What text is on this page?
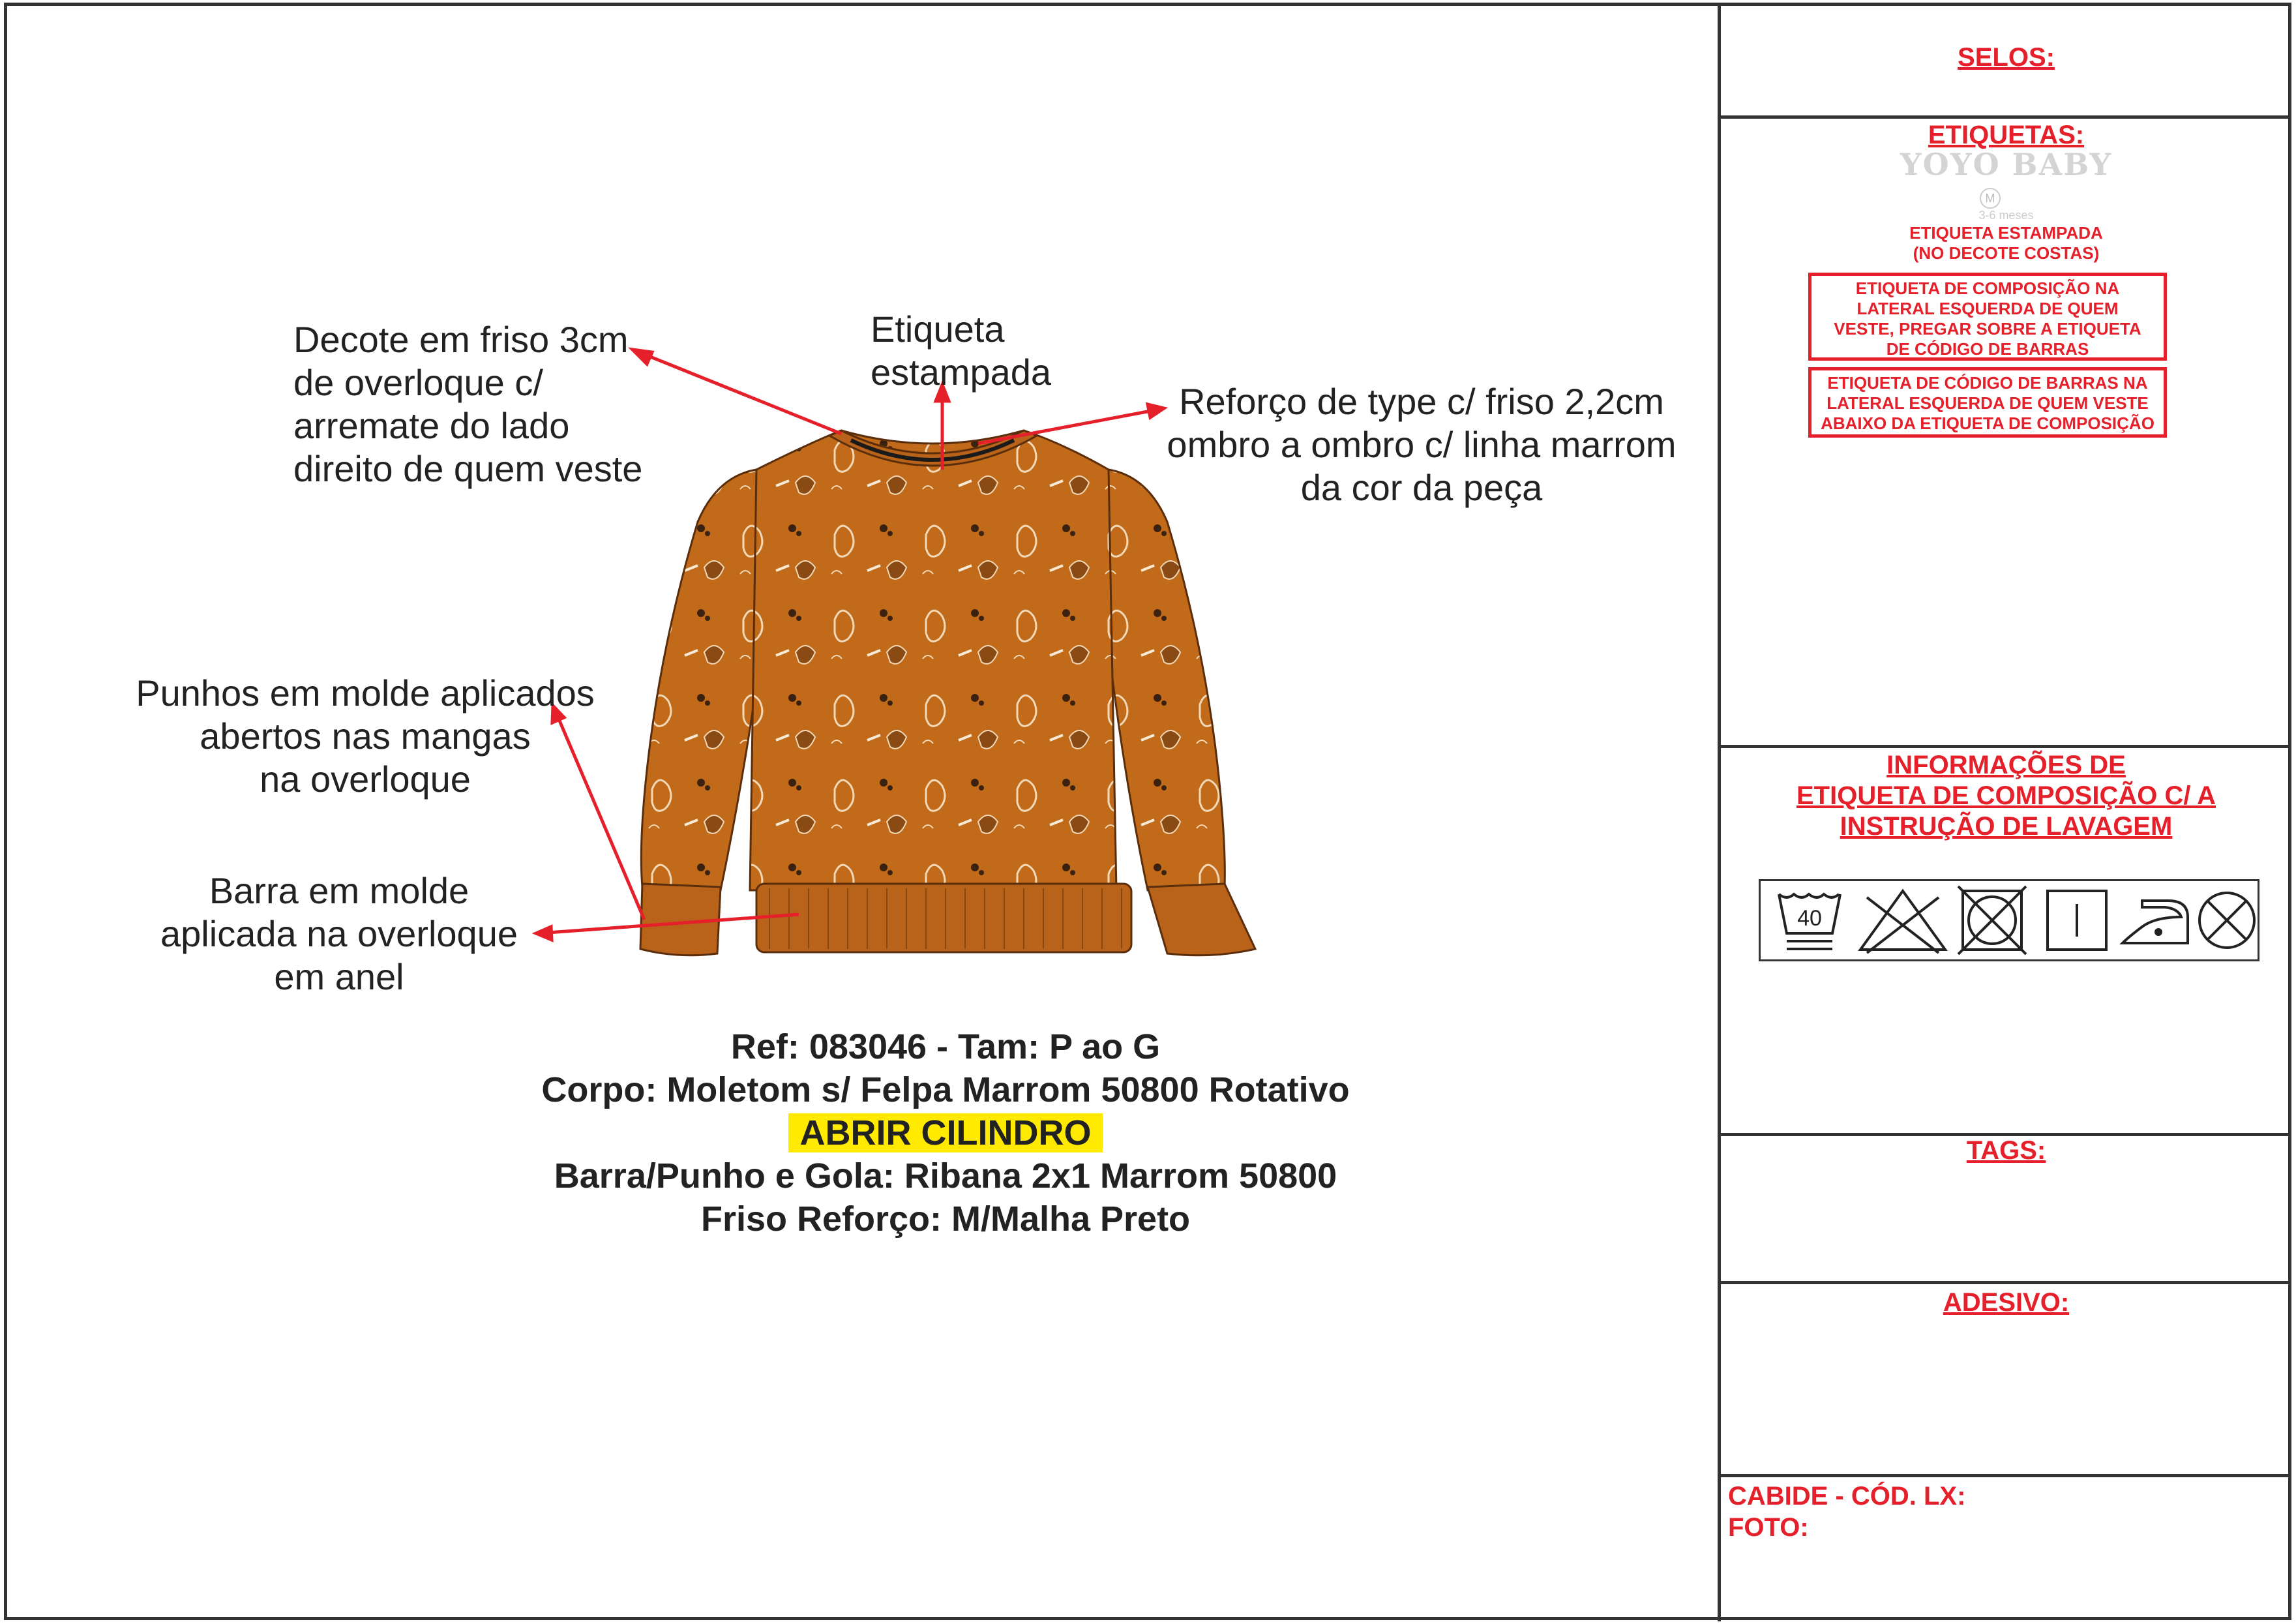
Decote em friso 3cm
de overloque c/
arremate do lado
direito de quem veste
Etiqueta
estampada
Reforço de type c/ friso 2,2cm
ombro a ombro c/ linha marrom
da cor da peça
Punhos em molde aplicados
abertos nas mangas
na overloque
Barra em molde
aplicada na overloque
em anel
Ref: 083046 - Tam: P ao G
Corpo: Moletom s/ Felpa Marrom 50800 Rotativo
ABRIR CILINDRO
Barra/Punho e Gola: Ribana 2x1 Marrom 50800
Friso Reforço: M/Malha Preto
SELOS:
ETIQUETAS:
YOYO BABY
M
3-6 meses
ETIQUETA ESTAMPADA
(NO DECOTE COSTAS)
ETIQUETA DE COMPOSIÇÃO NA
LATERAL ESQUERDA DE QUEM
VESTE, PREGAR SOBRE A ETIQUETA
DE CÓDIGO DE BARRAS
ETIQUETA DE CÓDIGO DE BARRAS NA
LATERAL ESQUERDA DE QUEM VESTE
ABAIXO DA ETIQUETA DE COMPOSIÇÃO
INFORMAÇÕES DE
ETIQUETA DE COMPOSIÇÃO C/ A
INSTRUÇÃO DE LAVAGEM
40
TAGS:
ADESIVO:
CABIDE - CÓD. LX:
FOTO:
